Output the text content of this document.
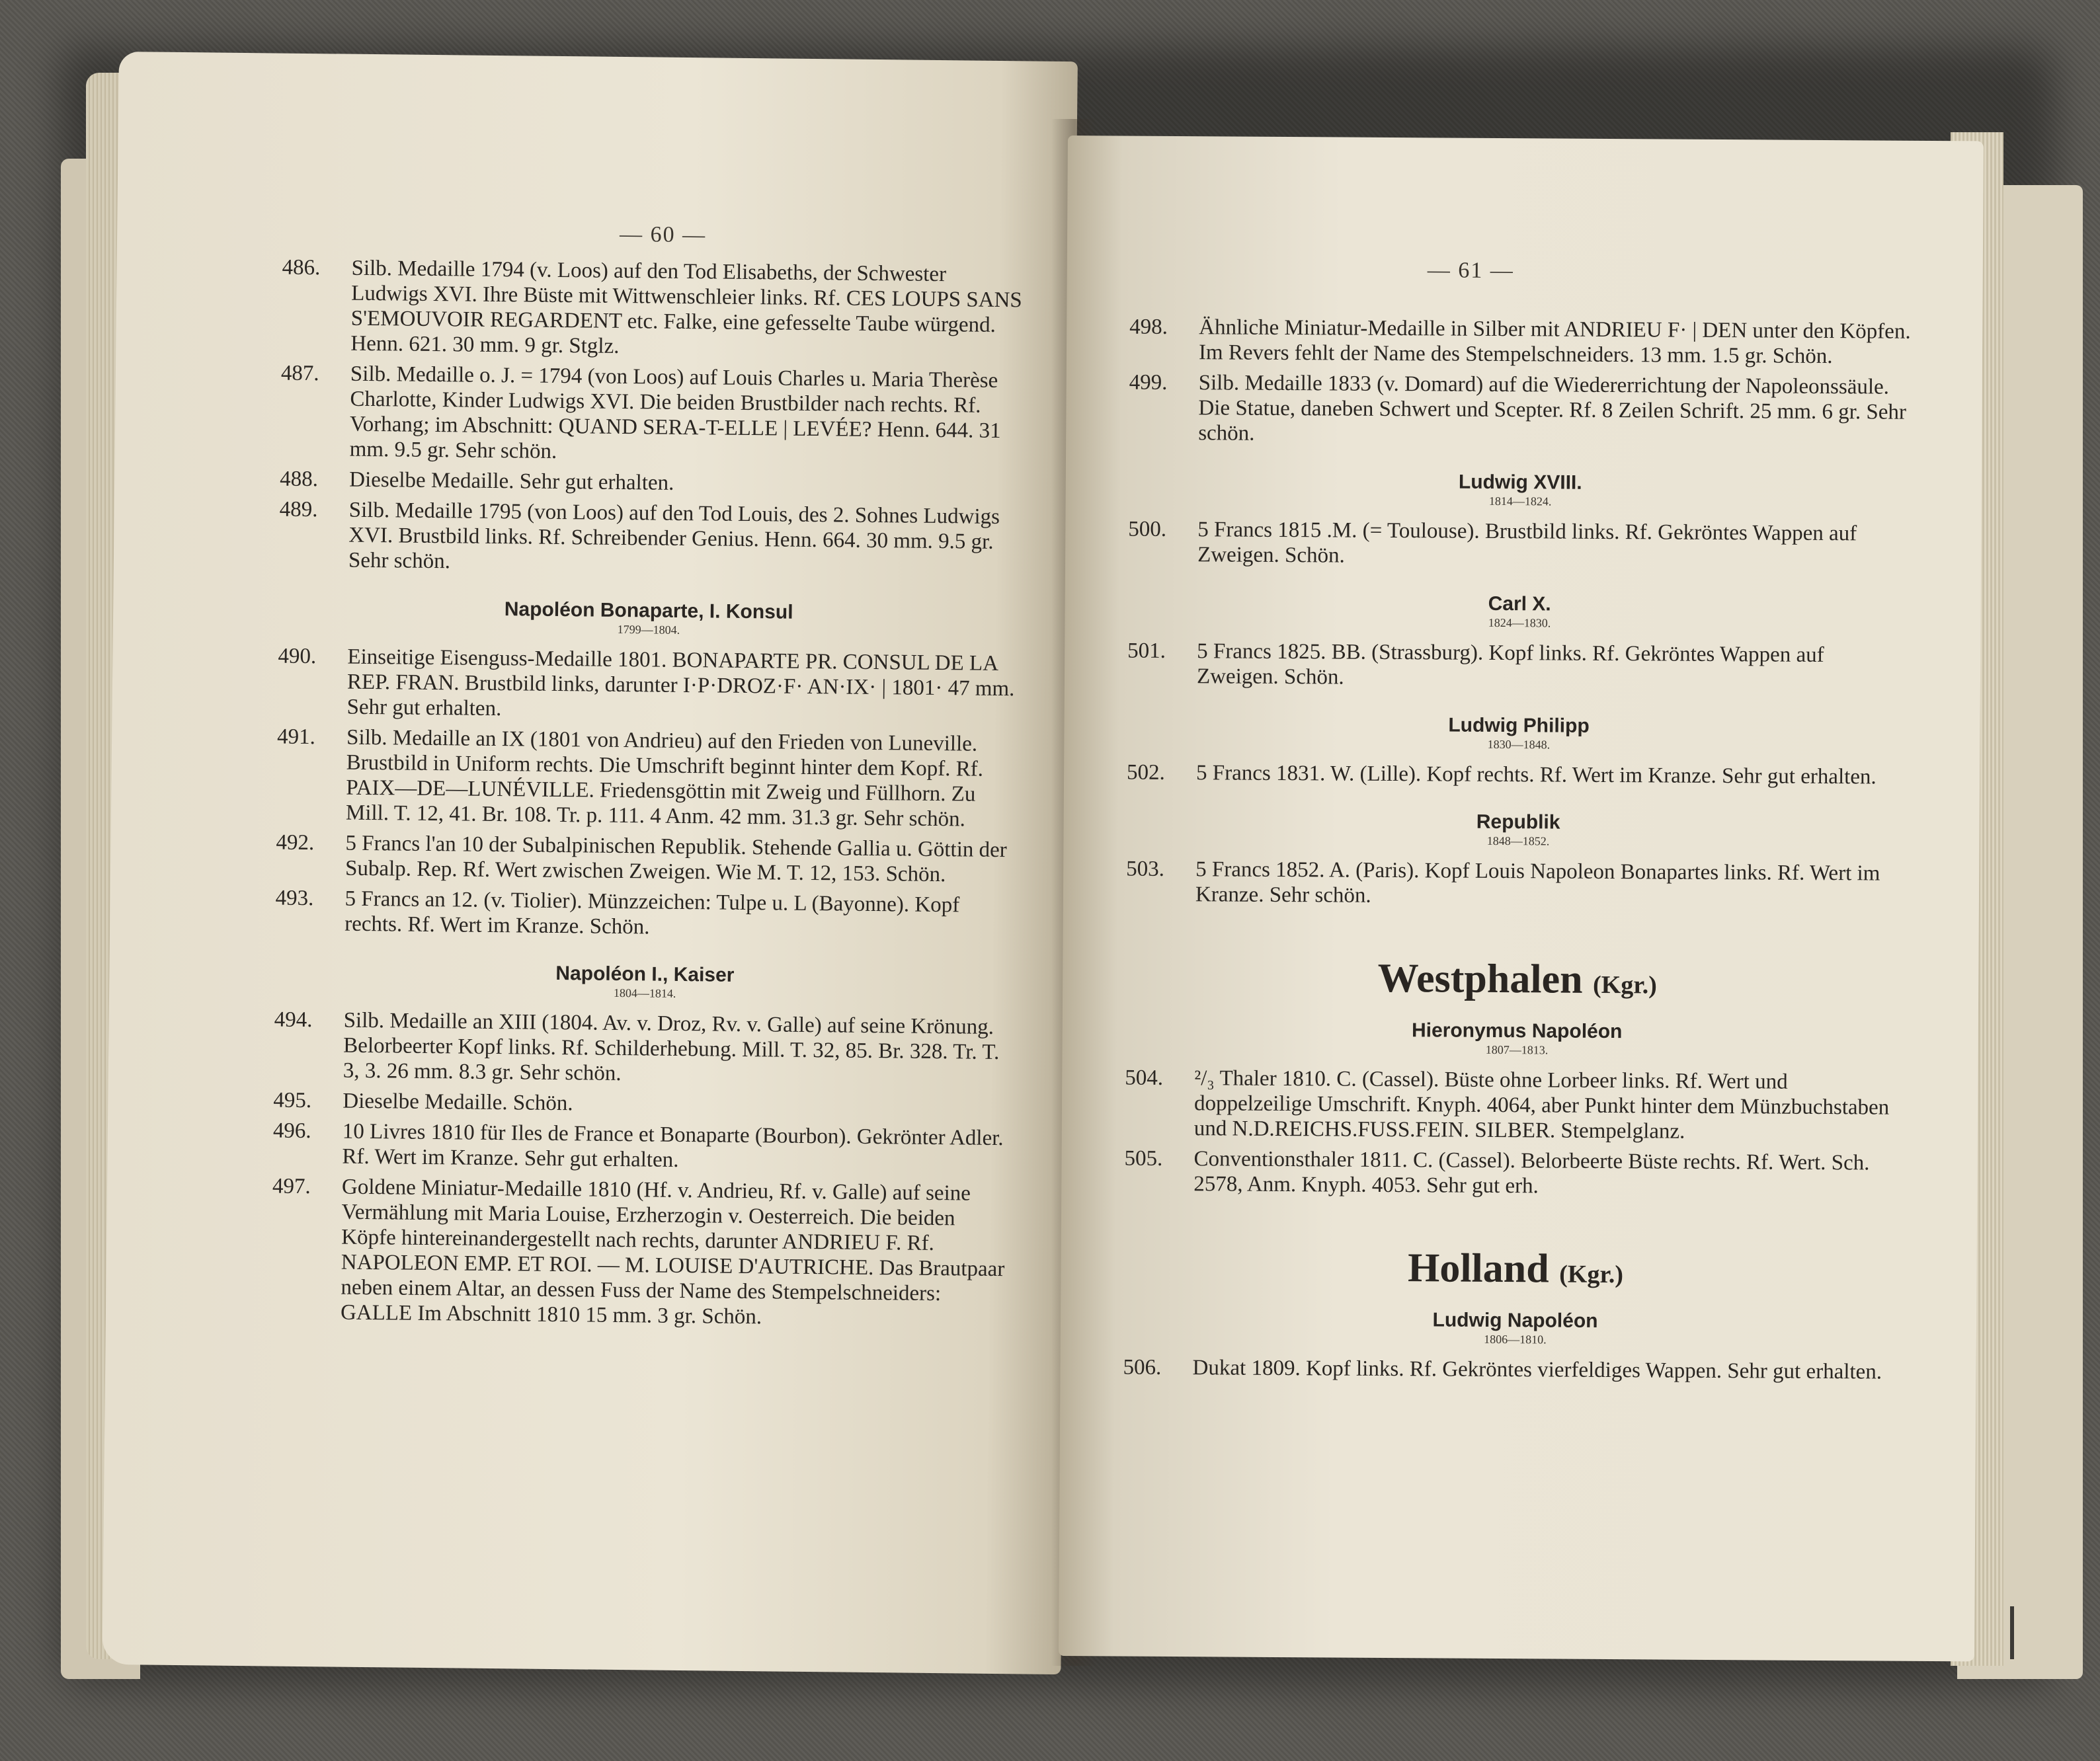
— 60 —
486.	Silb. Medaille 1794 (v. Loos) auf den Tod Elisabeths, der Schwester Ludwigs XVI. Ihre Büste mit Wittwenschleier links. Rf. CES LOUPS SANS S'EMOUVOIR REGARDENT etc. Falke, eine gefesselte Taube würgend. Henn. 621. 30 mm. 9 gr. Stglz.
487.	Silb. Medaille o. J. = 1794 (von Loos) auf Louis Charles u. Maria Therèse Charlotte, Kinder Ludwigs XVI. Die beiden Brustbilder nach rechts. Rf. Vorhang; im Abschnitt: QUAND SERA-T-ELLE | LEVÉE? Henn. 644. 31 mm. 9.5 gr. Sehr schön.
488.	Dieselbe Medaille. Sehr gut erhalten.
489.	Silb. Medaille 1795 (von Loos) auf den Tod Louis, des 2. Sohnes Ludwigs XVI. Brustbild links. Rf. Schreibender Genius. Henn. 664. 30 mm. 9.5 gr. Sehr schön.
Napoléon Bonaparte, I. Konsul
1799—1804.
490.	Einseitige Eisenguss-Medaille 1801. BONAPARTE PR. CONSUL DE LA REP. FRAN. Brustbild links, darunter I·P·DROZ·F· AN·IX· | 1801· 47 mm. Sehr gut erhalten.
491.	Silb. Medaille an IX (1801 von Andrieu) auf den Frieden von Luneville. Brustbild in Uniform rechts. Die Umschrift beginnt hinter dem Kopf. Rf. PAIX—DE—LUNÉVILLE. Friedensgöttin mit Zweig und Füllhorn. Zu Mill. T. 12, 41. Br. 108. Tr. p. 111. 4 Anm. 42 mm. 31.3 gr. Sehr schön.
492.	5 Francs l'an 10 der Subalpinischen Republik. Stehende Gallia u. Göttin der Subalp. Rep. Rf. Wert zwischen Zweigen. Wie M. T. 12, 153. Schön.
493.	5 Francs an 12. (v. Tiolier). Münzzeichen: Tulpe u. L (Bayonne). Kopf rechts. Rf. Wert im Kranze. Schön.
Napoléon I., Kaiser
1804—1814.
494.	Silb. Medaille an XIII (1804. Av. v. Droz, Rv. v. Galle) auf seine Krönung. Belorbeerter Kopf links. Rf. Schilderhebung. Mill. T. 32, 85. Br. 328. Tr. T. 3, 3. 26 mm. 8.3 gr. Sehr schön.
495.	Dieselbe Medaille. Schön.
496.	10 Livres 1810 für Iles de France et Bonaparte (Bourbon). Gekrönter Adler. Rf. Wert im Kranze. Sehr gut erhalten.
497.	Goldene Miniatur-Medaille 1810 (Hf. v. Andrieu, Rf. v. Galle) auf seine Vermählung mit Maria Louise, Erzherzogin v. Oesterreich. Die beiden Köpfe hintereinandergestellt nach rechts, darunter ANDRIEU F. Rf. NAPOLEON EMP. ET ROI. — M. LOUISE D'AUTRICHE. Das Brautpaar neben einem Altar, an dessen Fuss der Name des Stempelschneiders: GALLE Im Abschnitt 1810 15 mm. 3 gr. Schön.
— 61 —
498.	Ähnliche Miniatur-Medaille in Silber mit ANDRIEU F· | DEN unter den Köpfen. Im Revers fehlt der Name des Stempelschneiders. 13 mm. 1.5 gr. Schön.
499.	Silb. Medaille 1833 (v. Domard) auf die Wiedererrichtung der Napoleonssäule. Die Statue, daneben Schwert und Scepter. Rf. 8 Zeilen Schrift. 25 mm. 6 gr. Sehr schön.
Ludwig XVIII.
1814—1824.
500.	5 Francs 1815 .M. (= Toulouse). Brustbild links. Rf. Gekröntes Wappen auf Zweigen. Schön.
Carl X.
1824—1830.
501.	5 Francs 1825. BB. (Strassburg). Kopf links. Rf. Gekröntes Wappen auf Zweigen. Schön.
Ludwig Philipp
1830—1848.
502.	5 Francs 1831. W. (Lille). Kopf rechts. Rf. Wert im Kranze. Sehr gut erhalten.
Republik
1848—1852.
503.	5 Francs 1852. A. (Paris). Kopf Louis Napoleon Bonapartes links. Rf. Wert im Kranze. Sehr schön.
Westphalen (Kgr.)
Hieronymus Napoléon
1807—1813.
504.	²/₃ Thaler 1810. C. (Cassel). Büste ohne Lorbeer links. Rf. Wert und doppelzeilige Umschrift. Knyph. 4064, aber Punkt hinter dem Münzbuchstaben und N.D.REICHS.FUSS.FEIN. SILBER. Stempelglanz.
505.	Conventionsthaler 1811. C. (Cassel). Belorbeerte Büste rechts. Rf. Wert. Sch. 2578, Anm. Knyph. 4053. Sehr gut erh.
Holland (Kgr.)
Ludwig Napoléon
1806—1810.
506.	Dukat 1809. Kopf links. Rf. Gekröntes vierfeldiges Wappen. Sehr gut erhalten.
